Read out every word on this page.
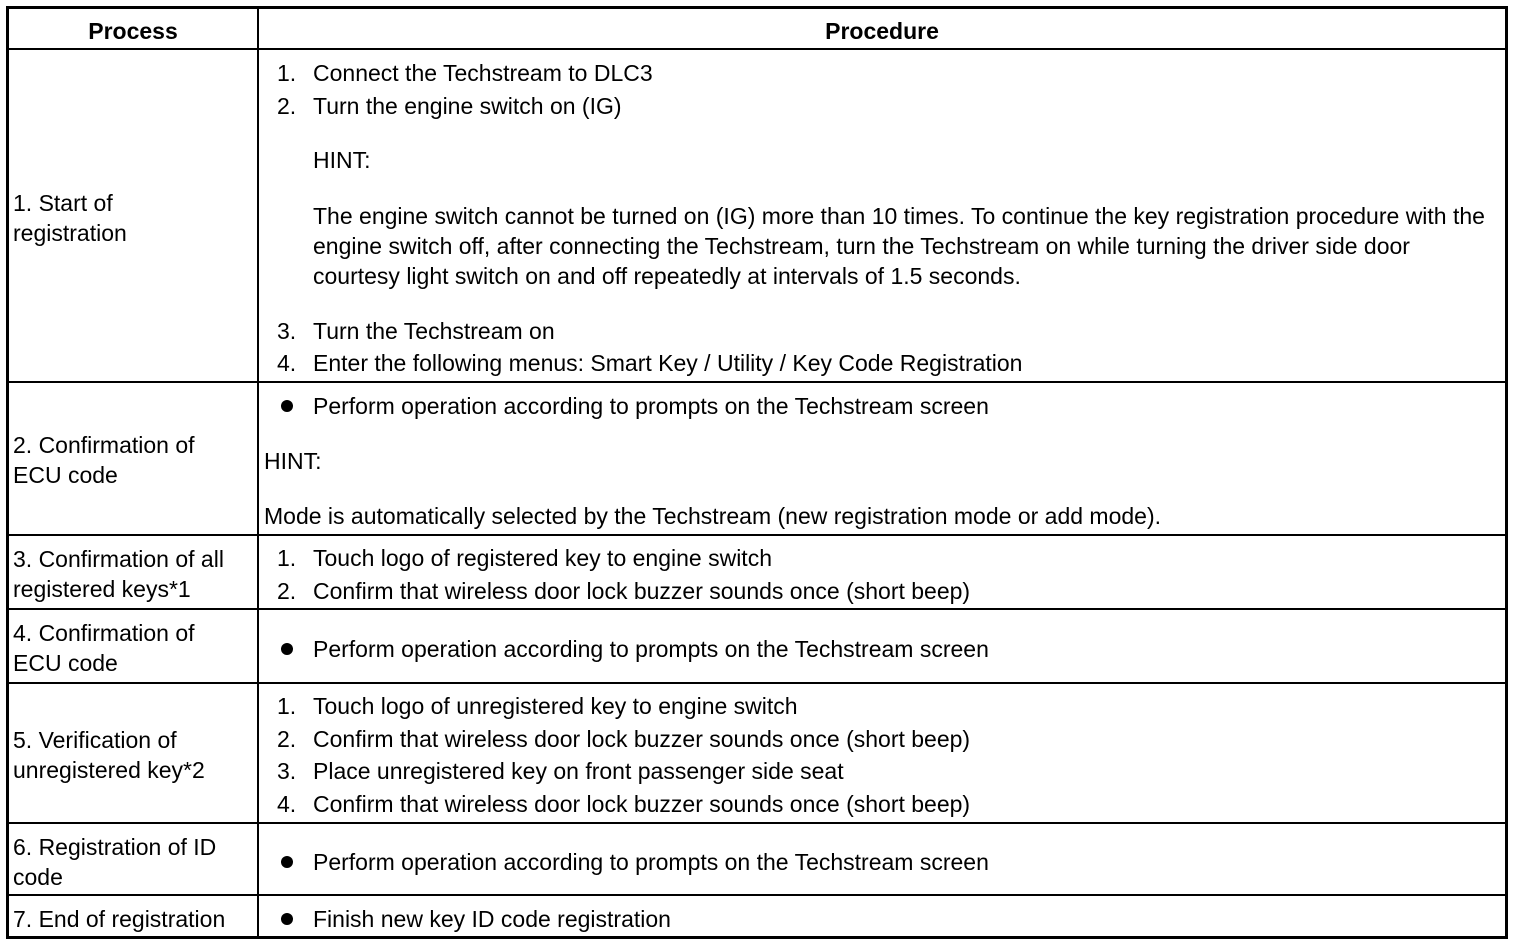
Process	Procedure
1. Start of
registration
1. Connect the Techstream to DLC3
2. Turn the engine switch on (IG)
HINT:
The engine switch cannot be turned on (IG) more than 10 times. To continue the key registration procedure with the engine switch off, after connecting the Techstream, turn the Techstream on while turning the driver side door courtesy light switch on and off repeatedly at intervals of 1.5 seconds.
3. Turn the Techstream on
4. Enter the following menus: Smart Key / Utility / Key Code Registration
2. Confirmation of
ECU code
Perform operation according to prompts on the Techstream screen
HINT:
Mode is automatically selected by the Techstream (new registration mode or add mode).
3. Confirmation of all
registered keys*1
1. Touch logo of registered key to engine switch
2. Confirm that wireless door lock buzzer sounds once (short beep)
4. Confirmation of
ECU code
Perform operation according to prompts on the Techstream screen
5. Verification of
unregistered key*2
1. Touch logo of unregistered key to engine switch
2. Confirm that wireless door lock buzzer sounds once (short beep)
3. Place unregistered key on front passenger side seat
4. Confirm that wireless door lock buzzer sounds once (short beep)
6. Registration of ID
code
Perform operation according to prompts on the Techstream screen
7. End of registration	Finish new key ID code registration
